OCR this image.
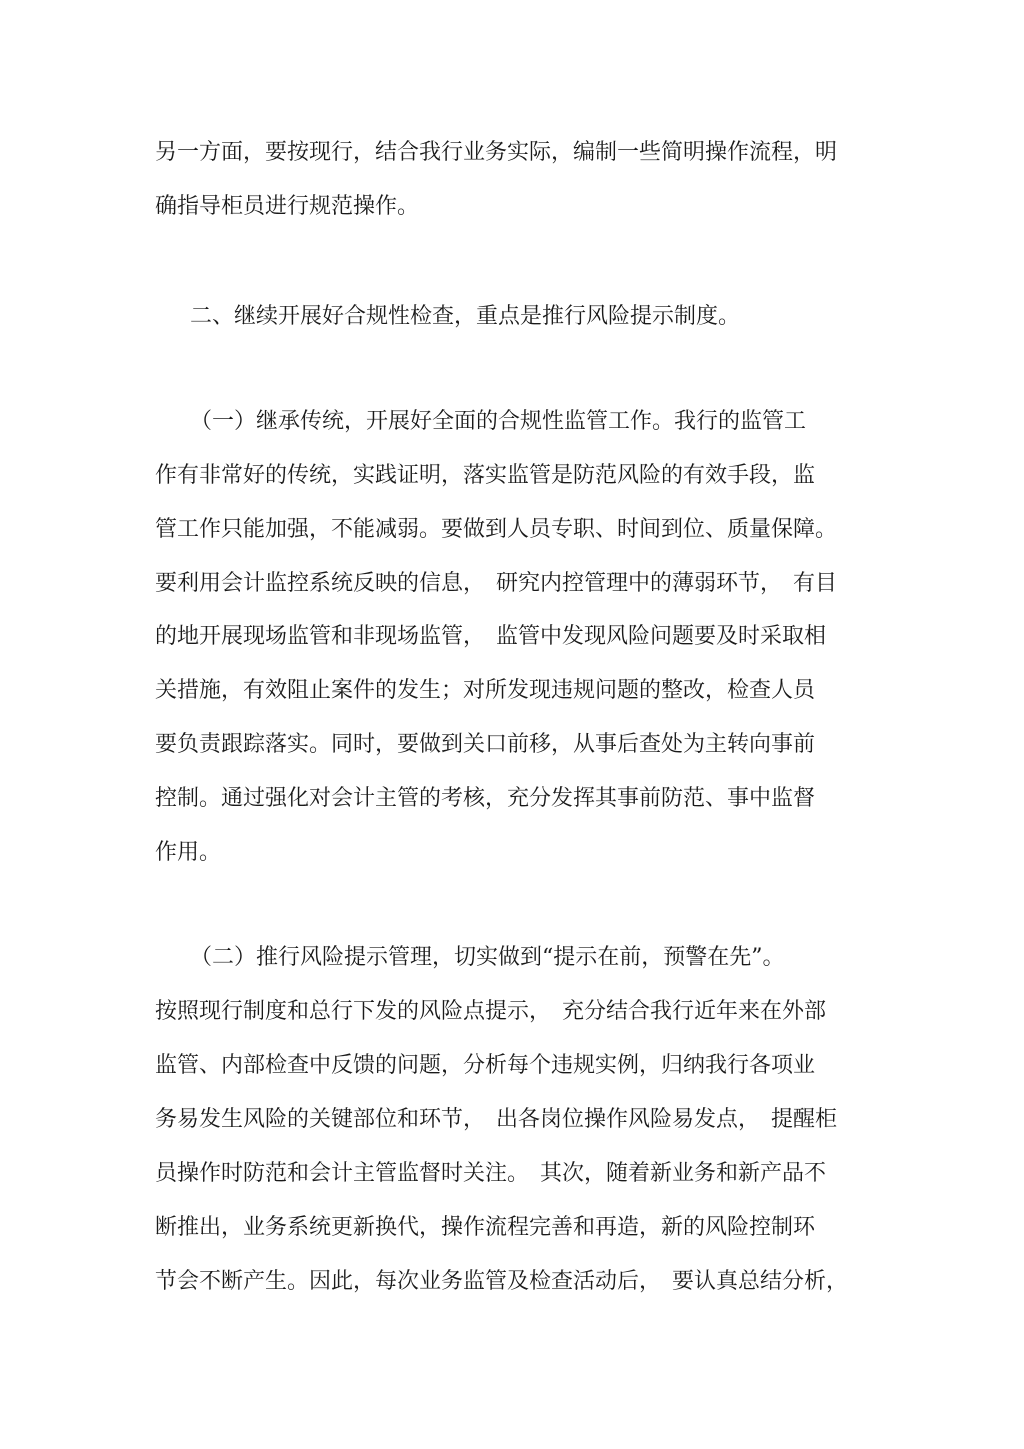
另一方面，要按现行，结合我行业务实际，编制一些简明操作流程，明
确指导柜员进行规范操作。
二、继续开展好合规性检查，重点是推行风险提示制度。
（一）继承传统，开展好全面的合规性监管工作。我行的监管工
作有非常好的传统，实践证明，落实监管是防范风险的有效手段，监
管工作只能加强，不能减弱。要做到人员专职、时间到位、质量保障。
要利用会计监控系统反映的信息，　研究内控管理中的薄弱环节，　有目
的地开展现场监管和非现场监管，　监管中发现风险问题要及时采取相
关措施，有效阻止案件的发生；对所发现违规问题的整改，检查人员
要负责跟踪落实。同时，要做到关口前移，从事后查处为主转向事前
控制。通过强化对会计主管的考核，充分发挥其事前防范、事中监督
作用。
（二）推行风险提示管理，切实做到“提示在前，预警在先”。
按照现行制度和总行下发的风险点提示，　充分结合我行近年来在外部
监管、内部检查中反馈的问题，分析每个违规实例，归纳我行各项业
务易发生风险的关键部位和环节，　出各岗位操作风险易发点，　提醒柜
员操作时防范和会计主管监督时关注。　其次，随着新业务和新产品不
断推出，业务系统更新换代，操作流程完善和再造，新的风险控制环
节会不断产生。因此，每次业务监管及检查活动后，　要认真总结分析，
